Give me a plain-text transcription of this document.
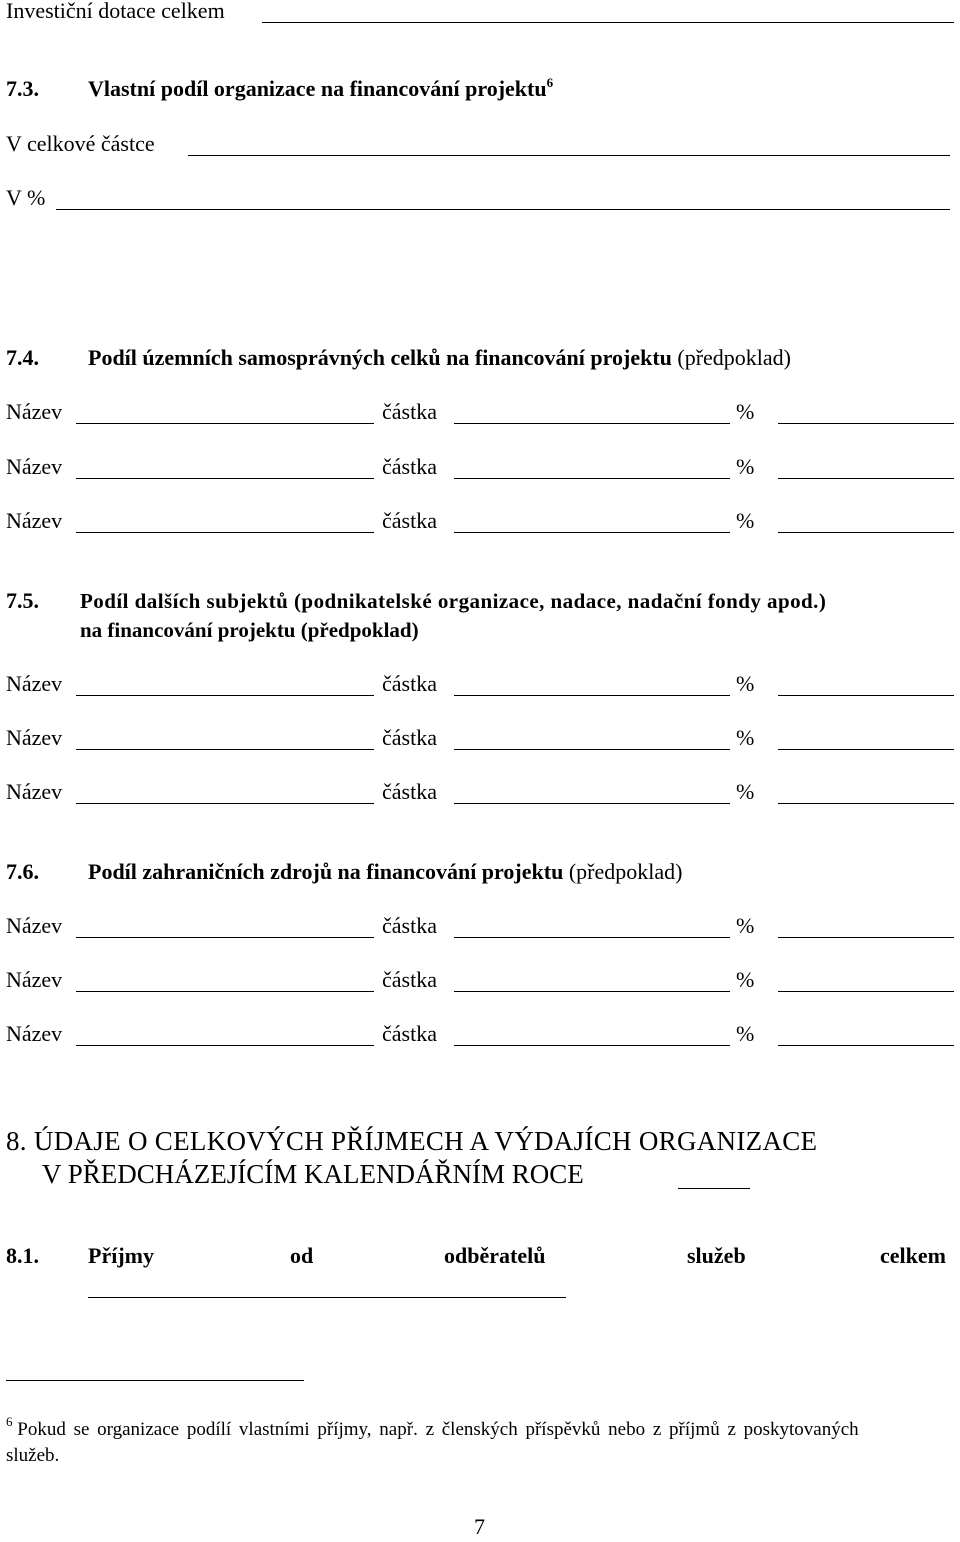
Investiční dotace celkem
7.3. Vlastní podíl organizace na financování projektu$^6$
V celkové částce
V %
7.4. Podíl územních samosprávných celků na financování projektu (předpoklad)
Název	částka	%
Název	částka	%
Název	částka	%
7.5. Podíl dalších subjektů (podnikatelské organizace, nadace, nadační fondy apod.)
na financování projektu (předpoklad)
Název	částka	%
Název	částka	%
Název	částka	%
7.6. Podíl zahraničních zdrojů na financování projektu (předpoklad)
Název	částka	%
Název	částka	%
Název	částka	%
8. ÚDAJE O CELKOVÝCH PŘÍJMECH A VÝDAJÍCH ORGANIZACE
V PŘEDCHÁZEJÍCÍM KALENDÁŘNÍM ROCE
8.1. Příjmy	od	odběratelů	služeb	celkem
$^6$ Pokud se organizace podílí vlastními příjmy, např. z členských příspěvků nebo z příjmů z poskytovaných
služeb.
7
